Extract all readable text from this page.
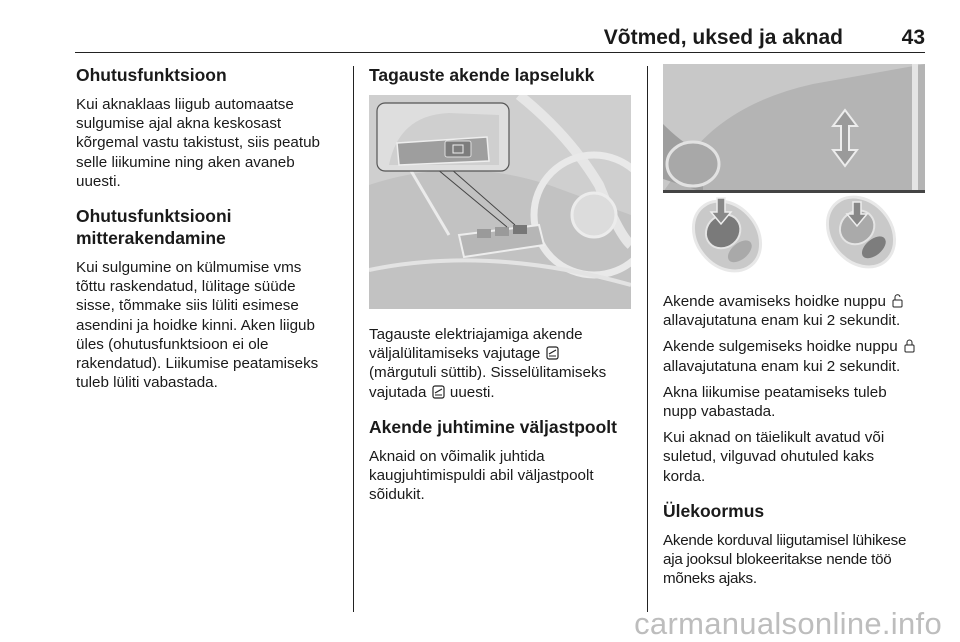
Võtmed, uksed ja aknad	43
Ohutusfunktsioon

Kui aknaklaas liigub automaatse
sulgumise ajal akna keskosast
kõrgemal vastu takistust, siis peatub
selle liikumine ning aken avaneb
uuesti.

Ohutusfunktsiooni
mitterakendamine

Kui sulgumine on külmumise vms
tõttu raskendatud, lülitage süüde
sisse, tõmmake siis lüliti esimese
asendini ja hoidke kinni. Aken liigub
üles (ohutusfunktsioon ei ole
rakendatud). Liikumise peatamiseks
tuleb lüliti vabastada.

Tagauste akende lapselukk

Tagauste elektriajamiga akende
väljalülitamiseks vajutage
(märgutuli süttib). Sisselülitamiseks
vajutada uuesti.

Akende juhtimine väljastpoolt

Aknaid on võimalik juhtida
kaugjuhtimispuldi abil väljastpoolt
sõidukit.

Akende avamiseks hoidke nuppu
allavajutatuna enam kui 2 sekundit.

Akende sulgemiseks hoidke nuppu
allavajutatuna enam kui 2 sekundit.

Akna liikumise peatamiseks tuleb
nupp vabastada.

Kui aknad on täielikult avatud või
suletud, vilguvad ohutuled kaks
korda.

Ülekoormus

Akende korduval liigutamisel lühikese
aja jooksul blokeeritakse nende töö
mõneks ajaks.

carmanualsonline.info
